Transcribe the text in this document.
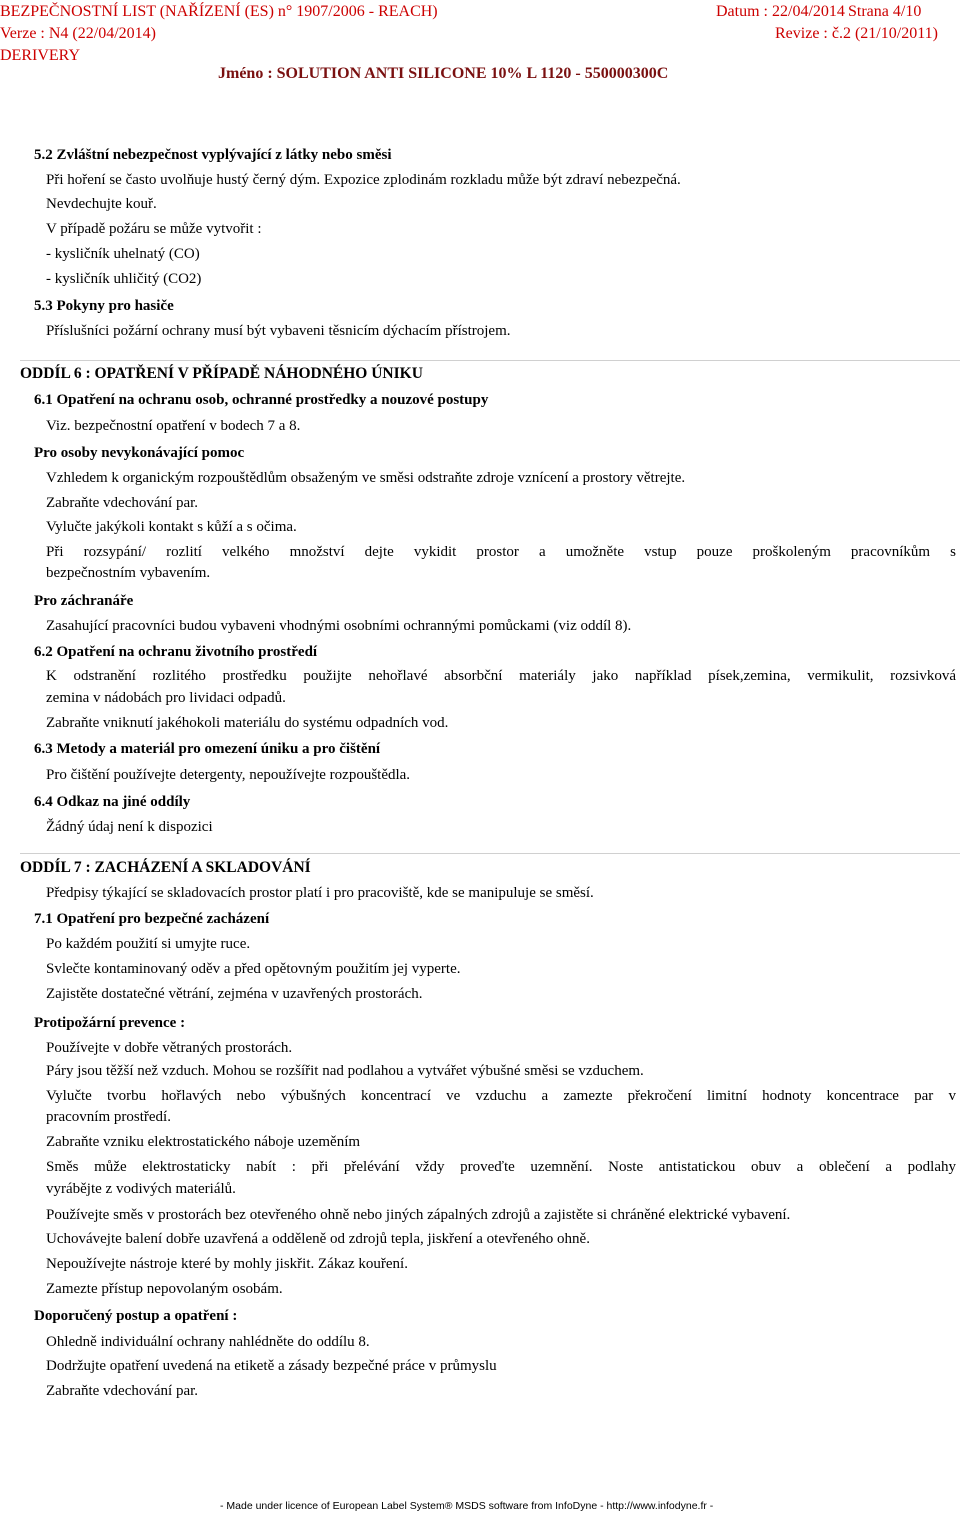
BEZPEČNOSTNÍ LIST (NAŘÍZENÍ (ES) n° 1907/2006 - REACH)	Datum : 22/04/2014 Strana 4/10
Verze : N4 (22/04/2014)	Revize : č.2 (21/10/2011)
DERIVERY
Jméno : SOLUTION ANTI SILICONE 10% L 1120 - 550000300C
5.2 Zvláštní nebezpečnost vyplývající z látky nebo směsi
Při hoření se často uvolňuje hustý černý dým. Expozice zplodinám rozkladu může být zdraví nebezpečná.
Nevdechujte kouř.
V případě požáru se může vytvořit :
- kysličník uhelnatý (CO)
- kysličník uhličitý (CO2)
5.3 Pokyny pro hasiče
Příslušníci požární ochrany musí být vybaveni těsnicím dýchacím přístrojem.
ODDÍL 6 : OPATŘENÍ V PŘÍPADĚ NÁHODNÉHO ÚNIKU
6.1 Opatření na ochranu osob, ochranné prostředky a nouzové postupy
Viz. bezpečnostní opatření v bodech 7 a 8.
Pro osoby nevykonávající pomoc
Vzhledem k organickým rozpouštědlům obsaženým ve směsi odstraňte zdroje vznícení a prostory větrejte.
Zabraňte vdechování par.
Vylučte jakýkoli kontakt s kůží a s očima.
Při rozsypání/ rozlití velkého množství dejte vykidit prostor a umožněte vstup pouze proškoleným pracovníkům s
bezpečnostním vybavením.
Pro záchranáře
Zasahující pracovníci budou vybaveni vhodnými osobními ochrannými pomůckami (viz oddíl 8).
6.2 Opatření na ochranu životního prostředí
K odstranění rozlitého prostředku použijte nehořlavé absorbční materiály jako například písek,zemina, vermikulit, rozsivková
zemina v nádobách pro lividaci odpadů.
Zabraňte vniknutí jakéhokoli materiálu do systému odpadních vod.
6.3 Metody a materiál pro omezení úniku a pro čištění
Pro čištění používejte detergenty, nepoužívejte rozpouštědla.
6.4 Odkaz na jiné oddíly
Žádný údaj není k dispozici
ODDÍL 7 : ZACHÁZENÍ A SKLADOVÁNÍ
Předpisy týkající se skladovacích prostor platí i pro pracoviště, kde se manipuluje se směsí.
7.1 Opatření pro bezpečné zacházení
Po každém použití si umyjte ruce.
Svlečte kontaminovaný oděv a před opětovným použitím jej vyperte.
Zajistěte dostatečné větrání, zejména v uzavřených prostorách.
Protipožární prevence :
Používejte v dobře větraných prostorách.
Páry jsou těžší než vzduch. Mohou se rozšířit nad podlahou a vytvářet výbušné směsi se vzduchem.
Vylučte tvorbu hořlavých nebo výbušných koncentrací ve vzduchu a zamezte překročení limitní hodnoty koncentrace par v
pracovním prostředí.
Zabraňte vzniku elektrostatického náboje uzeměním
Směs může elektrostaticky nabít : při přelévání vždy proveďte uzemnění. Noste antistatickou obuv a oblečení a podlahy
vyrábějte z vodivých materiálů.
Používejte směs v prostorách bez otevřeného ohně nebo jiných zápalných zdrojů a zajistěte si chráněné elektrické vybavení.
Uchovávejte balení dobře uzavřená a odděleně od zdrojů tepla, jiskření a otevřeného ohně.
Nepoužívejte nástroje které by mohly jiskřit. Zákaz kouření.
Zamezte přístup nepovolaným osobám.
Doporučený postup a opatření :
Ohledně individuální ochrany nahlédněte do oddílu 8.
Dodržujte opatření uvedená na etiketě a zásady bezpečné práce v průmyslu
Zabraňte vdechování par.
- Made under licence of European Label System® MSDS software from InfoDyne - http://www.infodyne.fr -
